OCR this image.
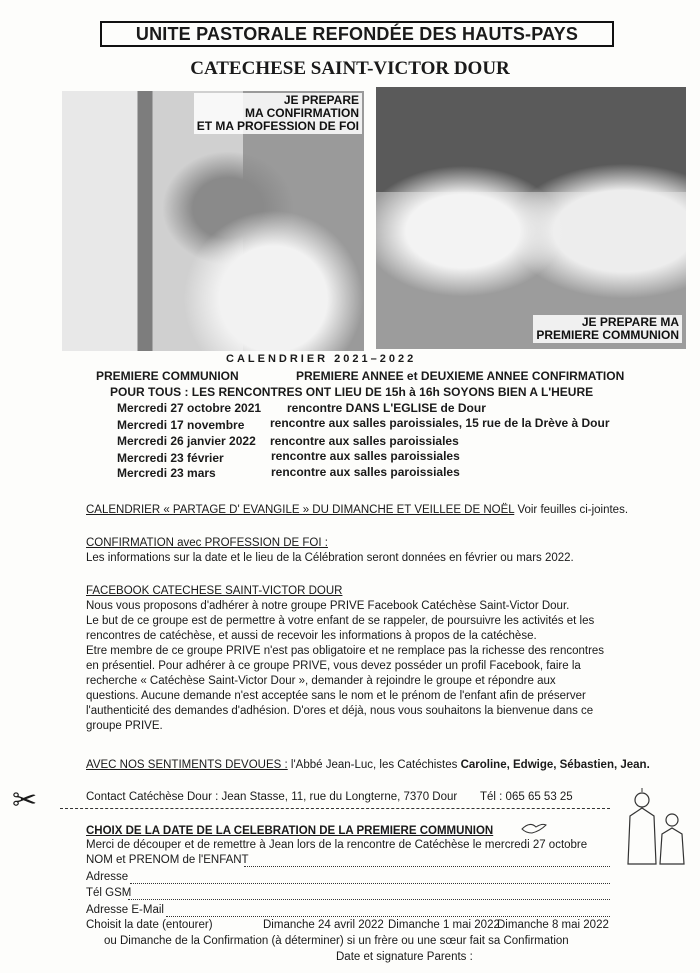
UNITE PASTORALE REFONDÉE DES HAUTS-PAYS
CATECHESE SAINT-VICTOR DOUR
JE PREPARE
MA CONFIRMATION
ET MA PROFESSION DE FOI
JE PREPARE MA
PREMIERE COMMUNION
CALENDRIER 2021–2022
PREMIERE COMMUNION	PREMIERE ANNEE et DEUXIEME ANNEE CONFIRMATION
POUR TOUS : LES RENCONTRES ONT LIEU DE 15h à 16h SOYONS BIEN A L'HEURE
Mercredi 27 octobre 2021 rencontre DANS L'EGLISE de Dour
Mercredi 17 novembre rencontre aux salles paroissiales, 15 rue de la Drève à Dour
Mercredi 26 janvier 2022 rencontre aux salles paroissiales
Mercredi 23 février	rencontre aux salles paroissiales
Mercredi 23 mars	rencontre aux salles paroissiales
CALENDRIER « PARTAGE D' EVANGILE » DU DIMANCHE ET VEILLEE DE NOËL Voir feuilles ci-jointes.
CONFIRMATION avec PROFESSION DE FOI :
Les informations sur la date et le lieu de la Célébration seront données en février ou mars 2022.
FACEBOOK CATECHESE SAINT-VICTOR DOUR
Nous vous proposons d'adhérer à notre groupe PRIVE Facebook Catéchèse Saint-Victor Dour.
Le but de ce groupe est de permettre à votre enfant de se rappeler, de poursuivre les activités et les
rencontres de catéchèse, et aussi de recevoir les informations à propos de la catéchèse.
Etre membre de ce groupe PRIVE n'est pas obligatoire et ne remplace pas la richesse des rencontres
en présentiel. Pour adhérer à ce groupe PRIVE, vous devez posséder un profil Facebook, faire la
recherche « Catéchèse Saint-Victor Dour », demander à rejoindre le groupe et répondre aux
questions. Aucune demande n'est acceptée sans le nom et le prénom de l'enfant afin de préserver
l'authenticité des demandes d'adhésion. D'ores et déjà, nous vous souhaitons la bienvenue dans ce
groupe PRIVE.
AVEC NOS SENTIMENTS DEVOUES : l'Abbé Jean-Luc, les Catéchistes Caroline, Edwige, Sébastien, Jean.
✂	Contact Catéchèse Dour : Jean Stasse, 11, rue du Longterne, 7370 Dour Tél : 065 65 53 25
CHOIX DE LA DATE DE LA CELEBRATION DE LA PREMIERE COMMUNION
Merci de découper et de remettre à Jean lors de la rencontre de Catéchèse le mercredi 27 octobre
NOM et PRENOM de l'ENFANT
Adresse
Tél GSM
Adresse E-Mail
Choisit la date (entourer)	Dimanche 24 avril 2022 Dimanche 1 mai 2022
Dimanche 8 mai 2022
ou Dimanche de la Confirmation (à déterminer) si un frère ou une sœur fait sa Confirmation
Date et signature Parents :
